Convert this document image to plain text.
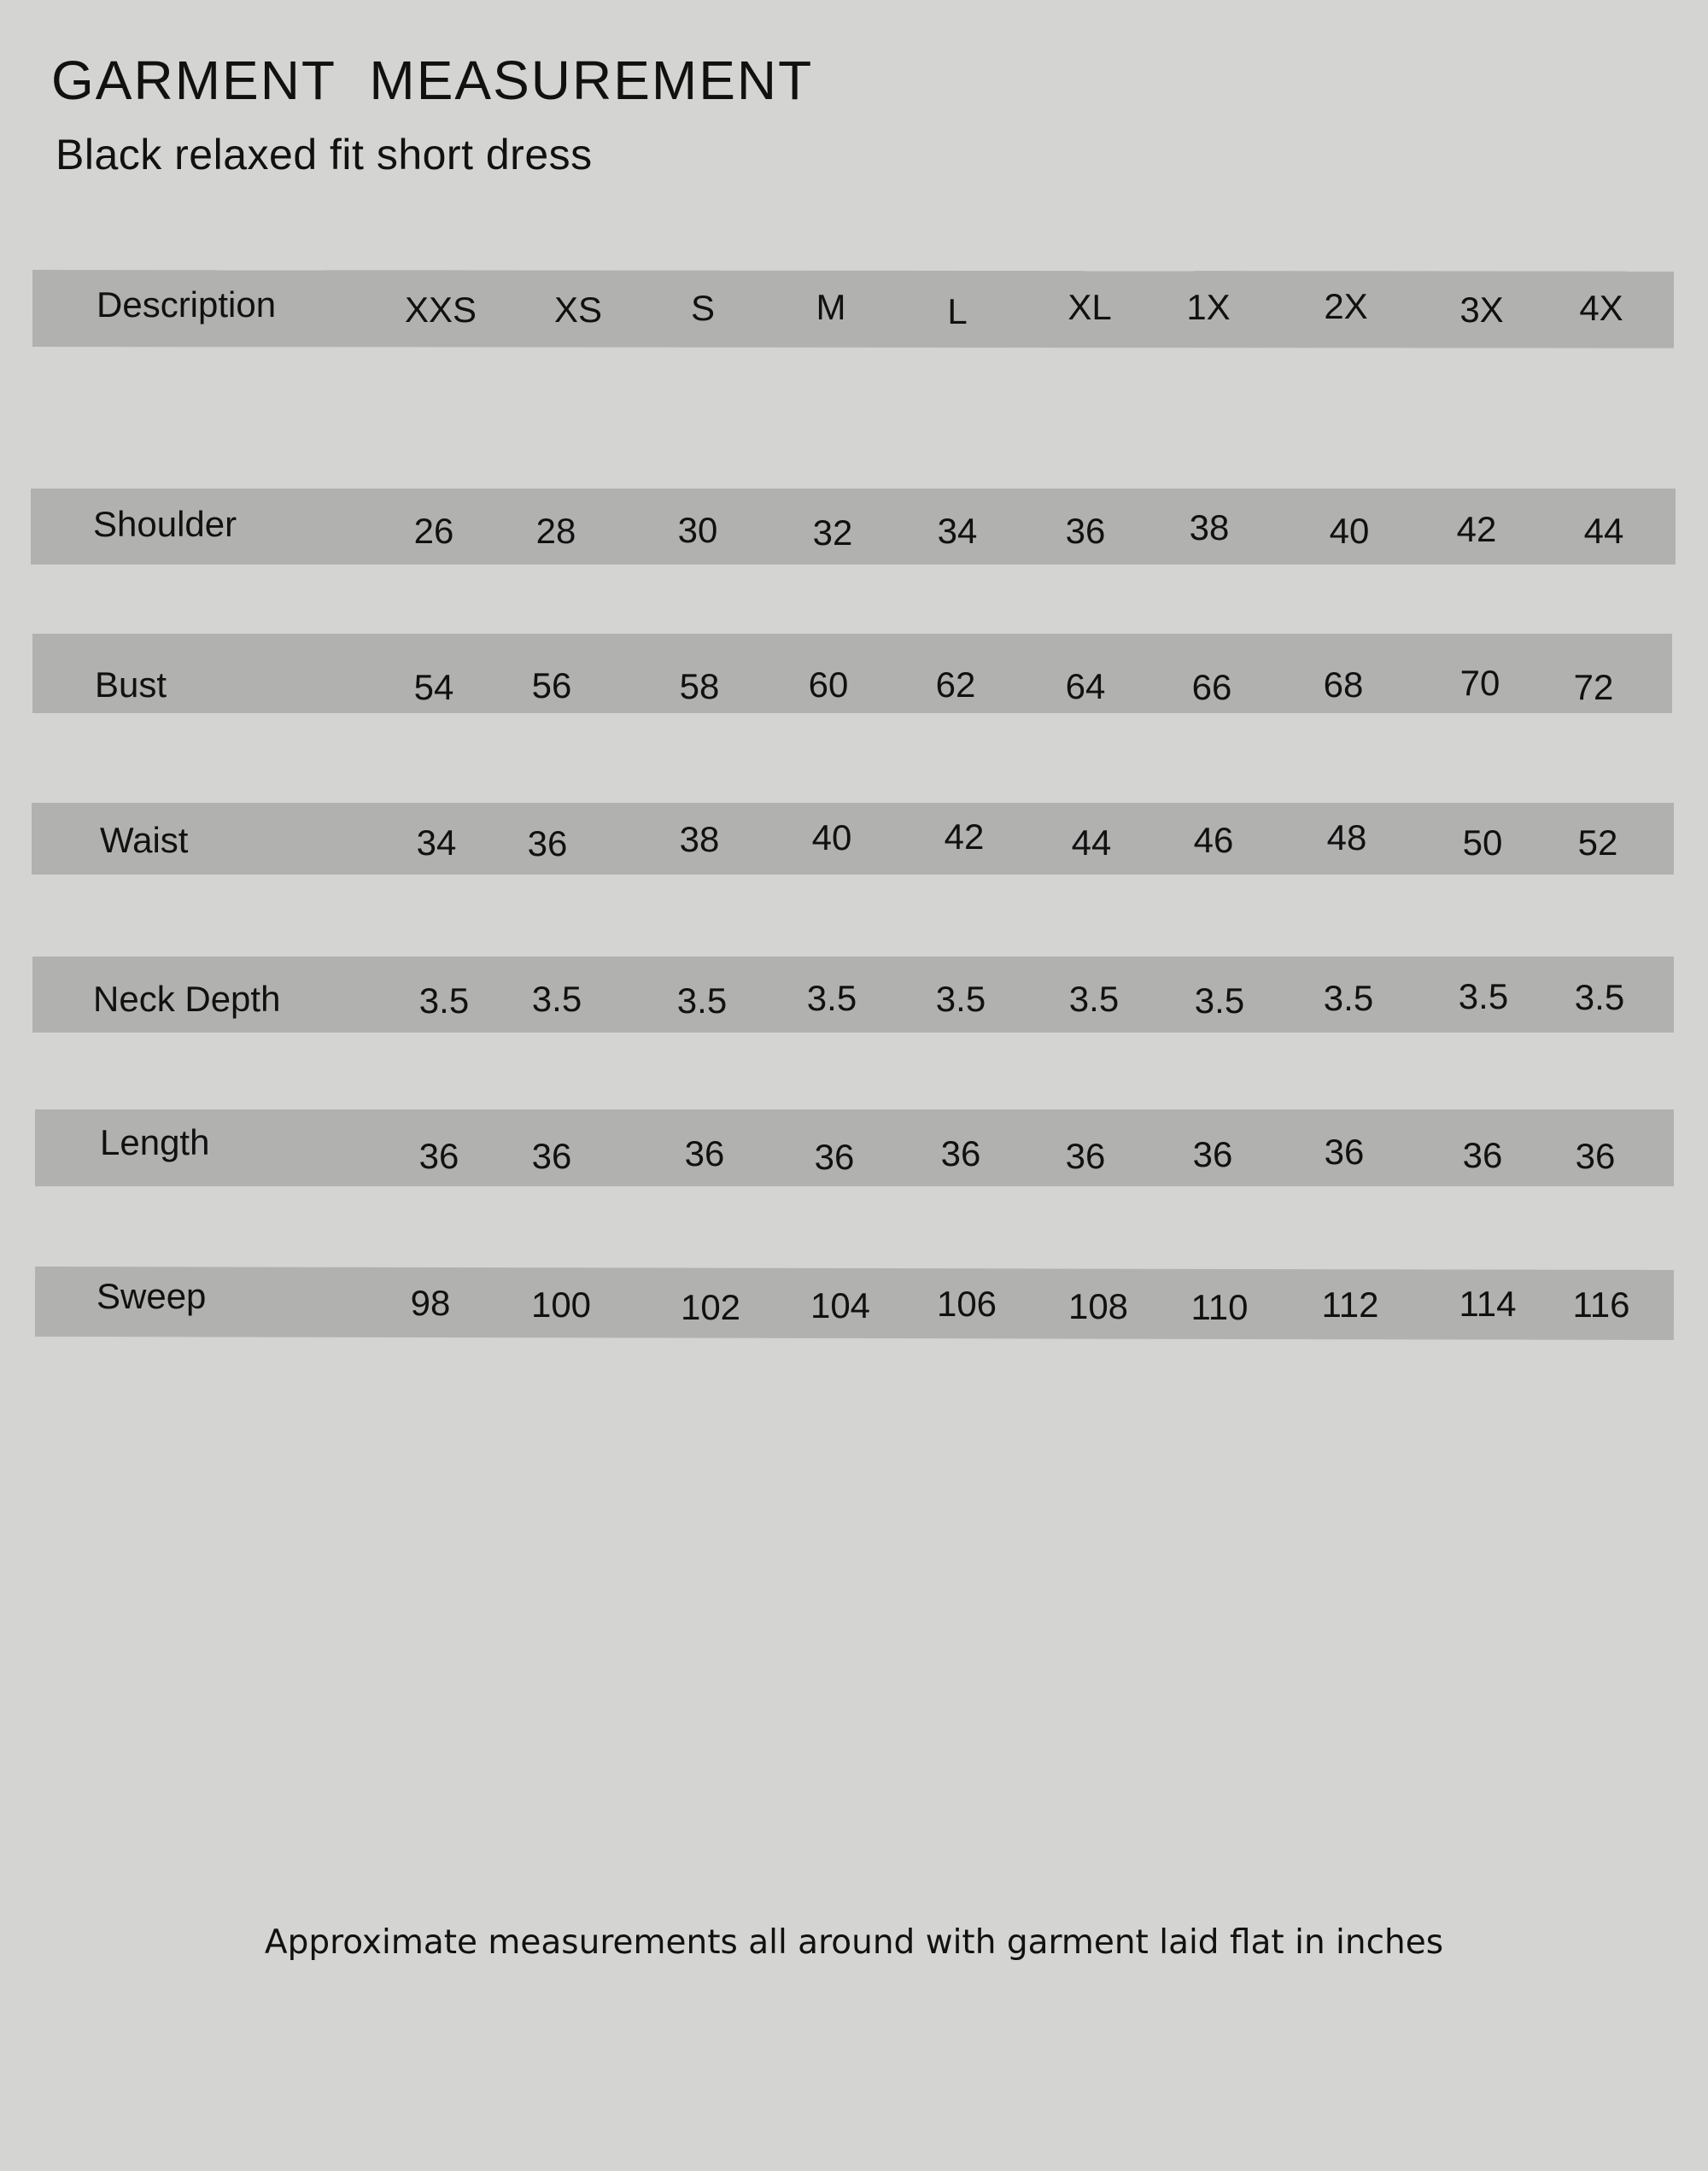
GARMENT  MEASUREMENT
Black relaxed fit short dress
Description	XXS XS S	M	L	XL 1X	2X	3X 4X
Shoulder	26 28	30	32 34 36 38	40 42 44
Bust	54 56	58 60 62	64 66	68	70 72
Waist	34 36	38	40	42 44 46	48	50 52
Neck Depth	3.5 3.5	3.5 3.5 3.5 3.5 3.5 3.5 3.5 3.5
Length	36 36	36	36 36 36 36	36	36 36
Sweep	98 100 102 104 106 108 110 112 114 116
Approximate measurements all around with garment laid flat in inches
